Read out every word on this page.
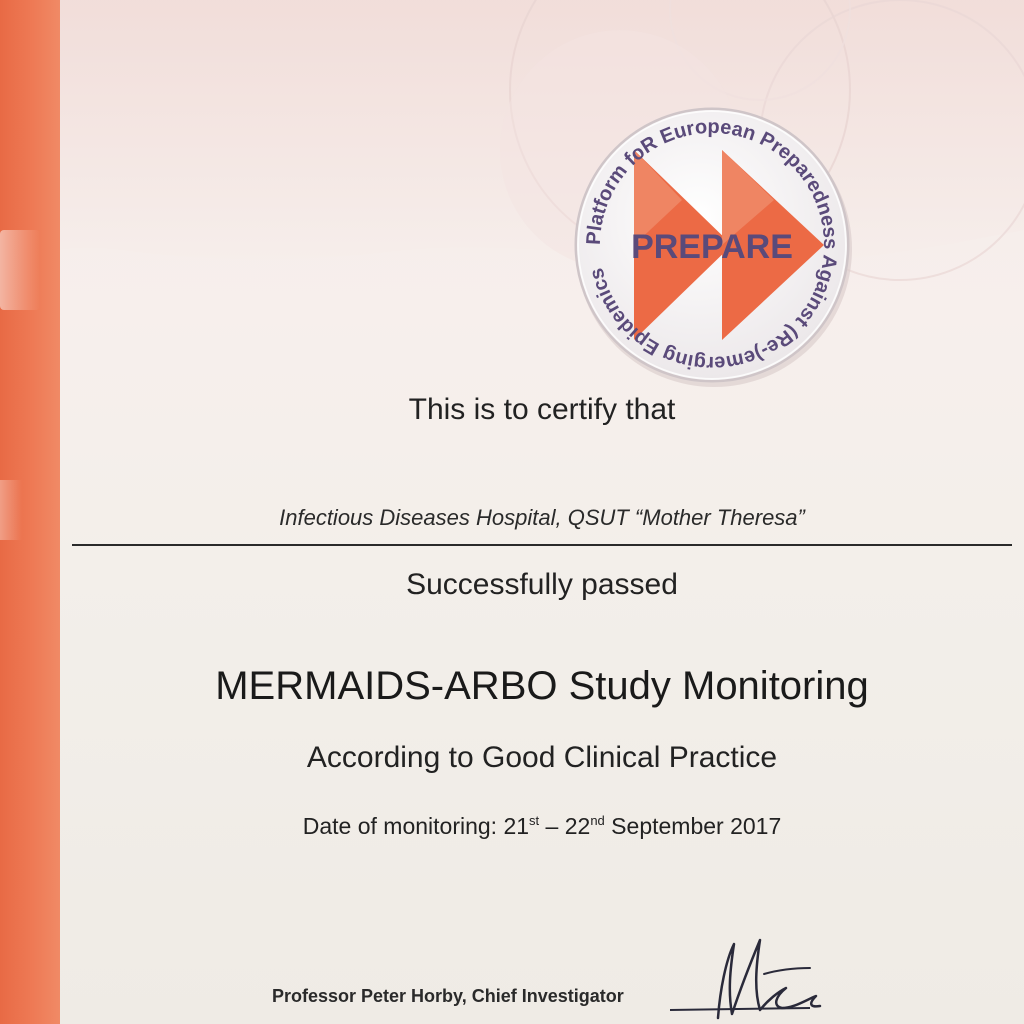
Platform foR European Preparedness Against (Re-)emerging Epidemics
PREPARE
This is to certify that
Infectious Diseases Hospital, QSUT “Mother Theresa”
Successfully passed
MERMAIDS-ARBO Study Monitoring
According to Good Clinical Practice
Date of monitoring: 21st – 22nd September 2017
Professor Peter Horby, Chief Investigator
